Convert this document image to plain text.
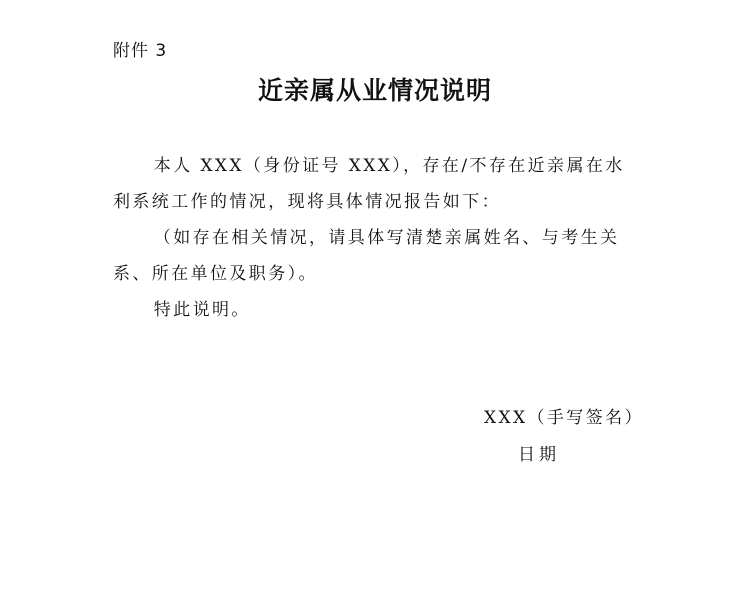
附件 3
近亲属从业情况说明

本人 XXX（身份证号 XXX），存在/不存在近亲属在水利系统工作的情况，现将具体情况报告如下：

（如存在相关情况，请具体写清楚亲属姓名、与考生关系、所在单位及职务）。

特此说明。

XXX（手写签名）
日期
